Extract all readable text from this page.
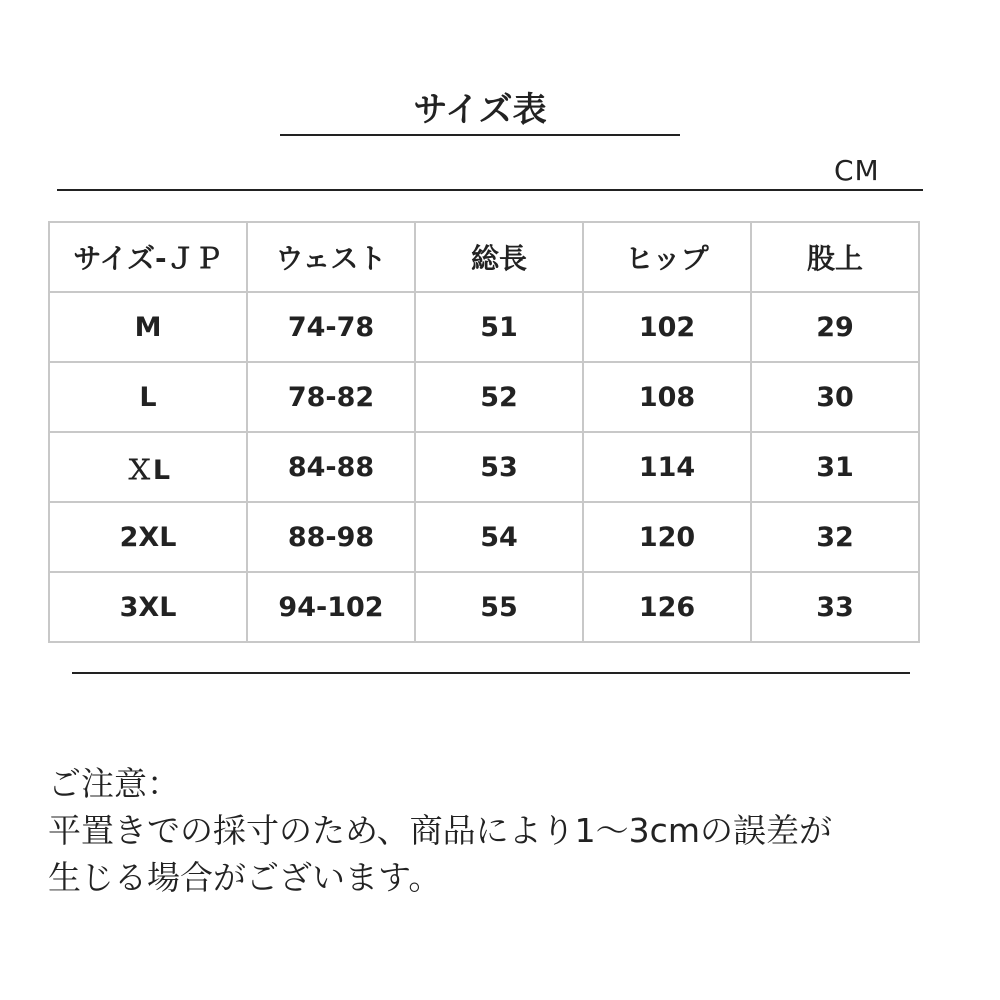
サイズ表
CM
サイズ-ＪＰ	ウェスト	総長	ヒップ	股上
M	74-78	51	102	29
L	78-82	52	108	30
ＸL	84-88	53	114	31
2XL	88-98	54	120	32
3XL	94-102	55	126	33
ご注意：
平置きでの採寸のため、商品により1～3cmの誤差が
生じる場合がございます。
